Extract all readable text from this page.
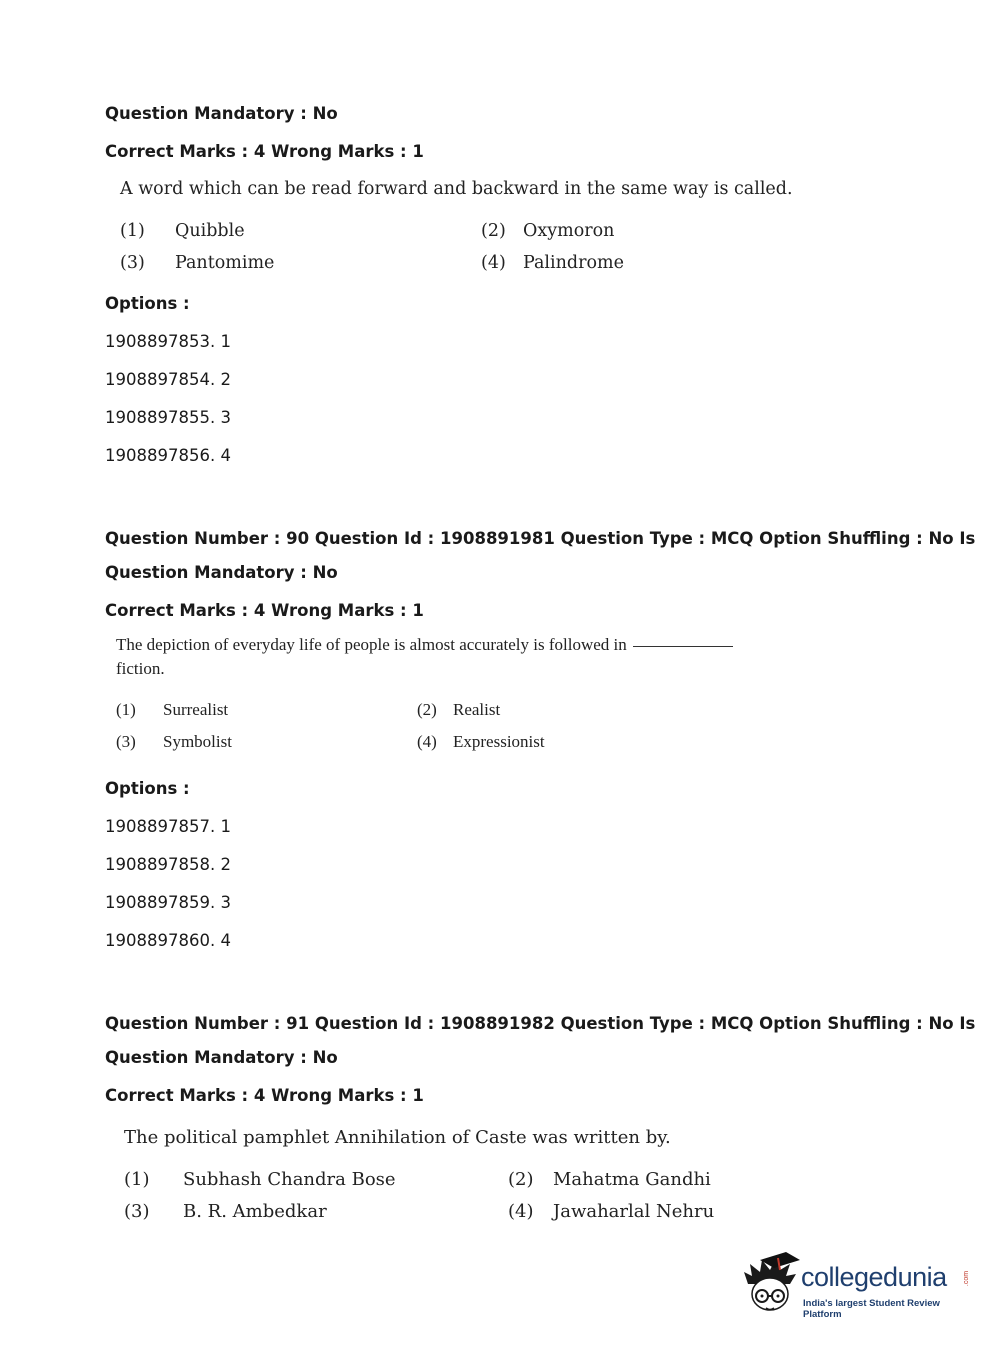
Question Mandatory : No
Correct Marks : 4 Wrong Marks : 1
A word which can be read forward and backward in the same way is called.
(1) Quibble	(2) Oxymoron
(3) Pantomime	(4) Palindrome
Options :
1908897853. 1
1908897854. 2
1908897855. 3
1908897856. 4
Question Number : 90 Question Id : 1908891981 Question Type : MCQ Option Shuffling : No Is
Question Mandatory : No
Correct Marks : 4 Wrong Marks : 1
The depiction of everyday life of people is almost accurately is followed in
fiction.
(1) Surrealist	(2) Realist
(3) Symbolist	(4) Expressionist
Options :
1908897857. 1
1908897858. 2
1908897859. 3
1908897860. 4
Question Number : 91 Question Id : 1908891982 Question Type : MCQ Option Shuffling : No Is
Question Mandatory : No
Correct Marks : 4 Wrong Marks : 1
The political pamphlet Annihilation of Caste was written by.
(1) Subhash Chandra Bose	(2) Mahatma Gandhi
(3) B. R. Ambedkar	(4) Jawaharlal Nehru
collegedunia .com
India's largest Student Review Platform
